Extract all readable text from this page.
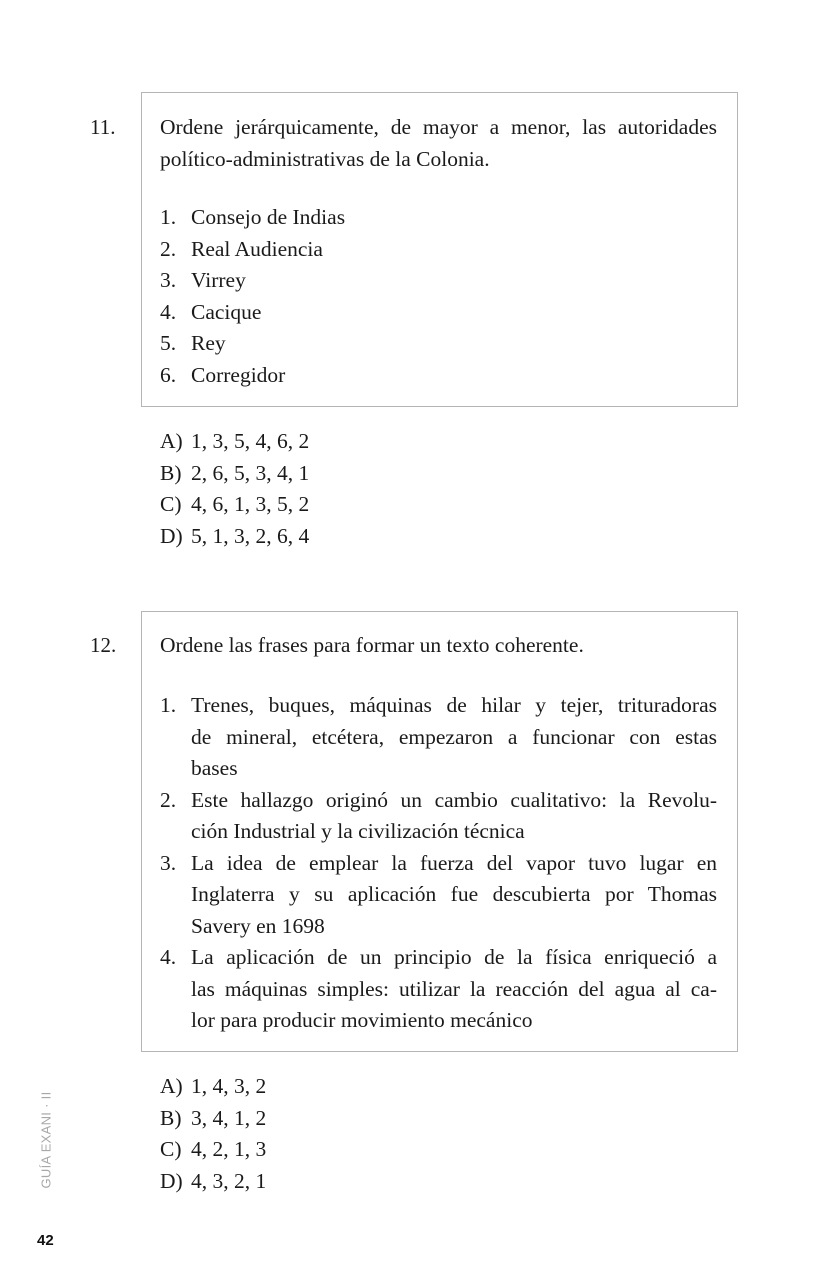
11. Ordene jerárquicamente, de mayor a menor, las autoridades
político-administrativas de la Colonia.
1. Consejo de Indias
2. Real Audiencia
3. Virrey
4. Cacique
5. Rey
6. Corregidor
A) 1, 3, 5, 4, 6, 2
B) 2, 6, 5, 3, 4, 1
C) 4, 6, 1, 3, 5, 2
D) 5, 1, 3, 2, 6, 4
12. Ordene las frases para formar un texto coherente.
1. Trenes, buques, máquinas de hilar y tejer, trituradoras
de mineral, etcétera, empezaron a funcionar con estas
bases
2. Este hallazgo originó un cambio cualitativo: la Revolu-
ción Industrial y la civilización técnica
3. La idea de emplear la fuerza del vapor tuvo lugar en
Inglaterra y su aplicación fue descubierta por Thomas
Savery en 1698
4. La aplicación de un principio de la física enriqueció a
las máquinas simples: utilizar la reacción del agua al ca-
lor para producir movimiento mecánico
A) 1, 4, 3, 2
B) 3, 4, 1, 2
C) 4, 2, 1, 3
D) 4, 3, 2, 1
GUÍA EXANI · II
42
